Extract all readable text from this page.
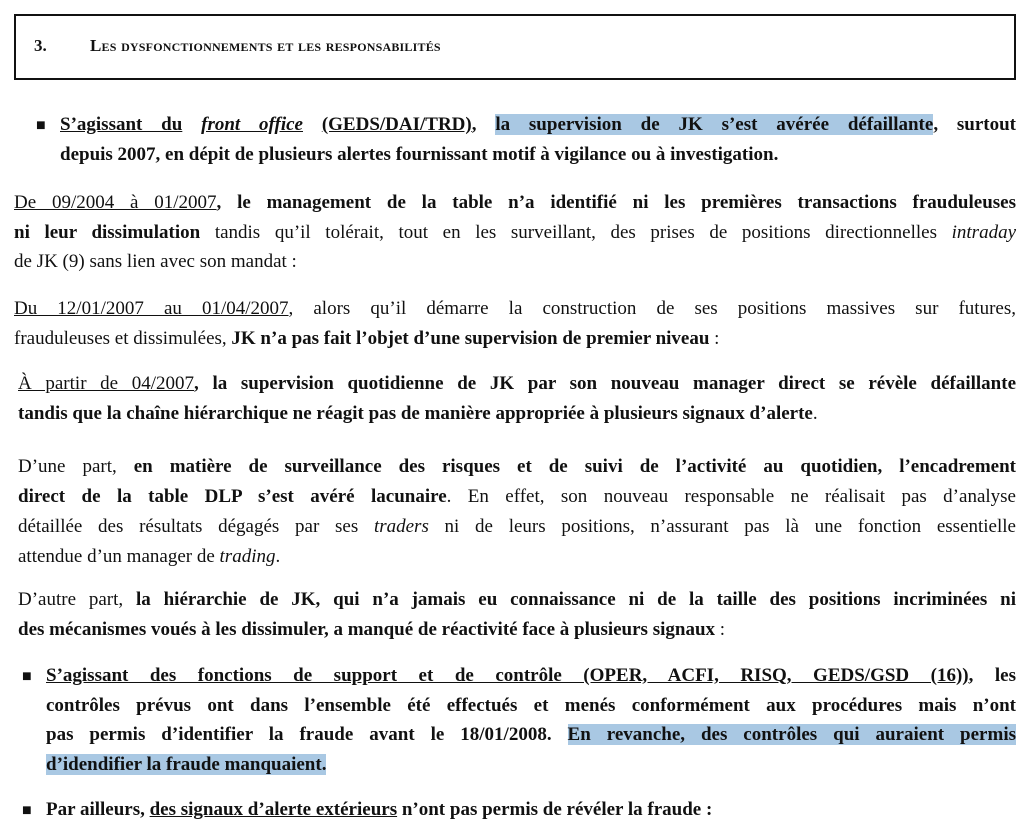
3.	Les dysfonctionnements et les responsabilités
■ S’agissant du front office (GEDS/DAI/TRD), la supervision de JK s’est avérée défaillante, surtout
depuis 2007, en dépit de plusieurs alertes fournissant motif à vigilance ou à investigation.
De 09/2004 à 01/2007, le management de la table n’a identifié ni les premières transactions frauduleuses
ni leur dissimulation tandis qu’il tolérait, tout en les surveillant, des prises de positions directionnelles intraday
de JK (9) sans lien avec son mandat :
Du 12/01/2007 au 01/04/2007, alors qu’il démarre la construction de ses positions massives sur futures,
frauduleuses et dissimulées, JK n’a pas fait l’objet d’une supervision de premier niveau :
À partir de 04/2007, la supervision quotidienne de JK par son nouveau manager direct se révèle défaillante
tandis que la chaîne hiérarchique ne réagit pas de manière appropriée à plusieurs signaux d’alerte.
D’une part, en matière de surveillance des risques et de suivi de l’activité au quotidien, l’encadrement
direct de la table DLP s’est avéré lacunaire. En effet, son nouveau responsable ne réalisait pas d’analyse
détaillée des résultats dégagés par ses traders ni de leurs positions, n’assurant pas là une fonction essentielle
attendue d’un manager de trading.
D’autre part, la hiérarchie de JK, qui n’a jamais eu connaissance ni de la taille des positions incriminées ni
des mécanismes voués à les dissimuler, a manqué de réactivité face à plusieurs signaux :
■ S’agissant des fonctions de support et de contrôle (OPER, ACFI, RISQ, GEDS/GSD (16)), les
contrôles prévus ont dans l’ensemble été effectués et menés conformément aux procédures mais n’ont
pas permis d’identifier la fraude avant le 18/01/2008. En revanche, des contrôles qui auraient permis
d’idendifier la fraude manquaient.
■ Par ailleurs, des signaux d’alerte extérieurs n’ont pas permis de révéler la fraude :
